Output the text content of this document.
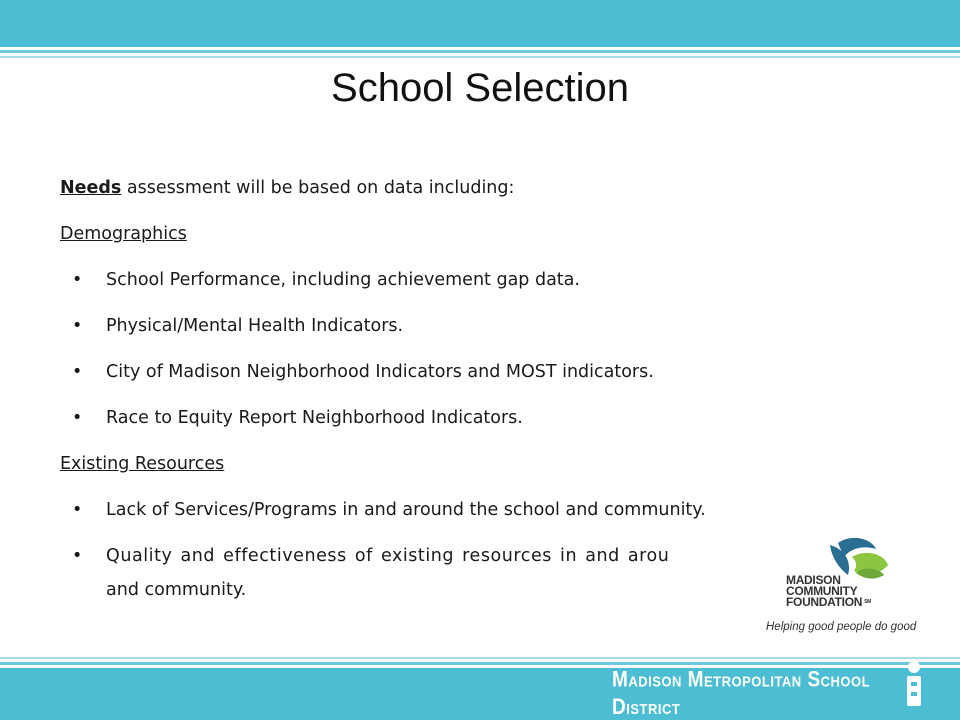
School Selection
Needs assessment will be based on data including:
Demographics
• School Performance, including achievement gap data.
• Physical/Mental Health Indicators.
• City of Madison Neighborhood Indicators and MOST indicators.
• Race to Equity Report Neighborhood Indicators.
Existing Resources
• Lack of Services/Programs in and around the school and community.
• Quality and effectiveness of existing resources in and arou
and community.	MADISON
COMMUNITY
FOUNDATION SM
Helping good people do good
Madison Metropolitan School District
